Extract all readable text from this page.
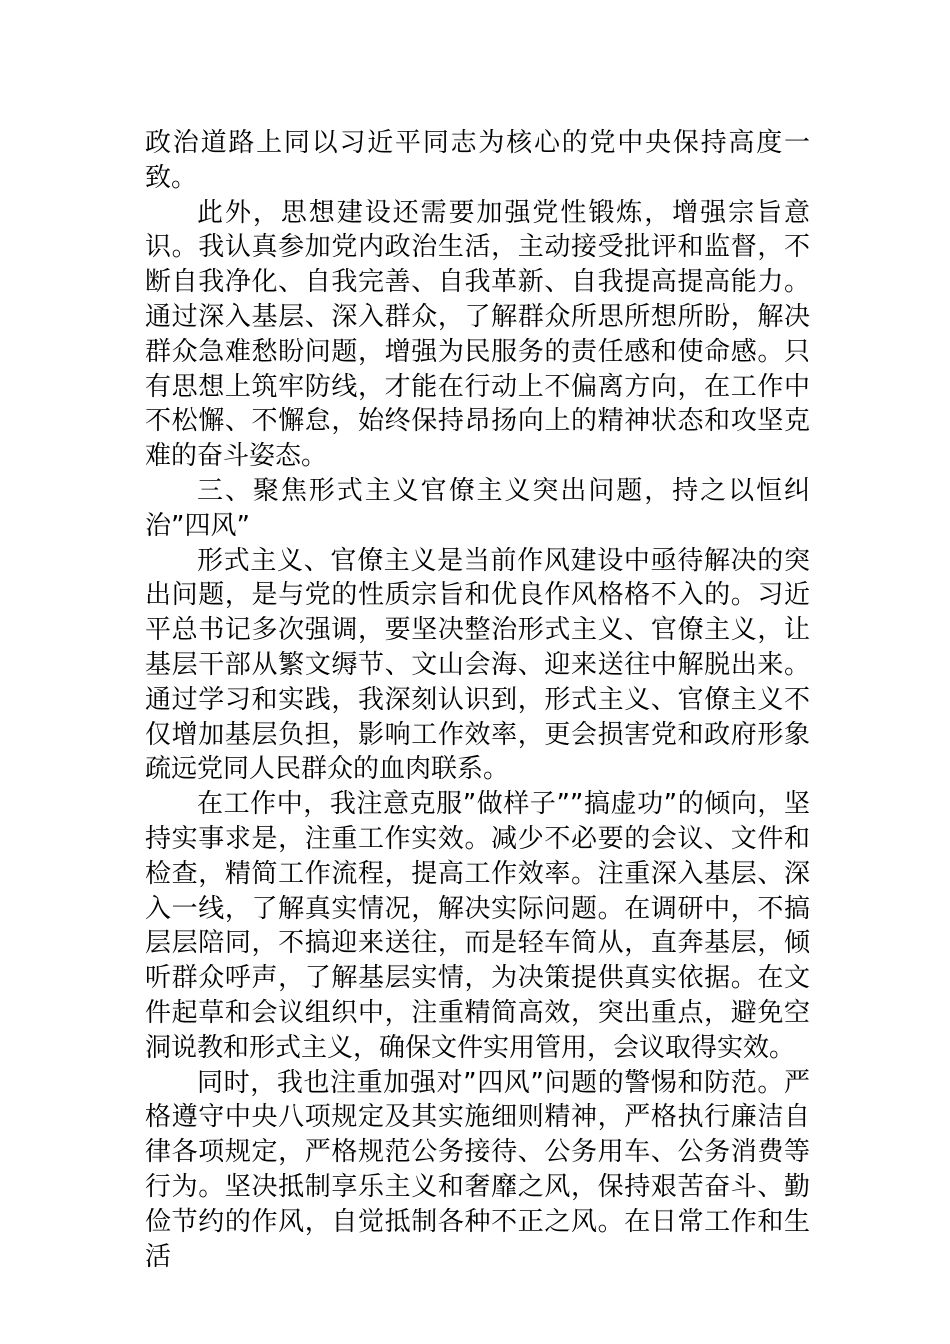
政治道路上同以习近平同志为核心的党中央保持高度一致。

此外，思想建设还需要加强党性锻炼，增强宗旨意识。我认真参加党内政治生活，主动接受批评和监督，不断自我净化、自我完善、自我革新、自我提高提高能力。通过深入基层、深入群众，了解群众所思所想所盼，解决群众急难愁盼问题，增强为民服务的责任感和使命感。只有思想上筑牢防线，才能在行动上不偏离方向，在工作中不松懈、不懈怠，始终保持昂扬向上的精神状态和攻坚克难的奋斗姿态。

三、聚焦形式主义官僚主义突出问题，持之以恒纠治”四风”

形式主义、官僚主义是当前作风建设中亟待解决的突出问题，是与党的性质宗旨和优良作风格格不入的。习近平总书记多次强调，要坚决整治形式主义、官僚主义，让基层干部从繁文缛节、文山会海、迎来送往中解脱出来。通过学习和实践，我深刻认识到，形式主义、官僚主义不仅增加基层负担，影响工作效率，更会损害党和政府形象疏远党同人民群众的血肉联系。

在工作中，我注意克服”做样子””搞虚功”的倾向，坚持实事求是，注重工作实效。减少不必要的会议、文件和检查，精简工作流程，提高工作效率。注重深入基层、深入一线，了解真实情况，解决实际问题。在调研中，不搞层层陪同，不搞迎来送往，而是轻车简从，直奔基层，倾听群众呼声，了解基层实情，为决策提供真实依据。在文件起草和会议组织中，注重精简高效，突出重点，避免空洞说教和形式主义，确保文件实用管用，会议取得实效。

同时，我也注重加强对”四风”问题的警惕和防范。严格遵守中央八项规定及其实施细则精神，严格执行廉洁自律各项规定，严格规范公务接待、公务用车、公务消费等行为。坚决抵制享乐主义和奢靡之风，保持艰苦奋斗、勤俭节约的作风，自觉抵制各种不正之风。在日常工作和生活
